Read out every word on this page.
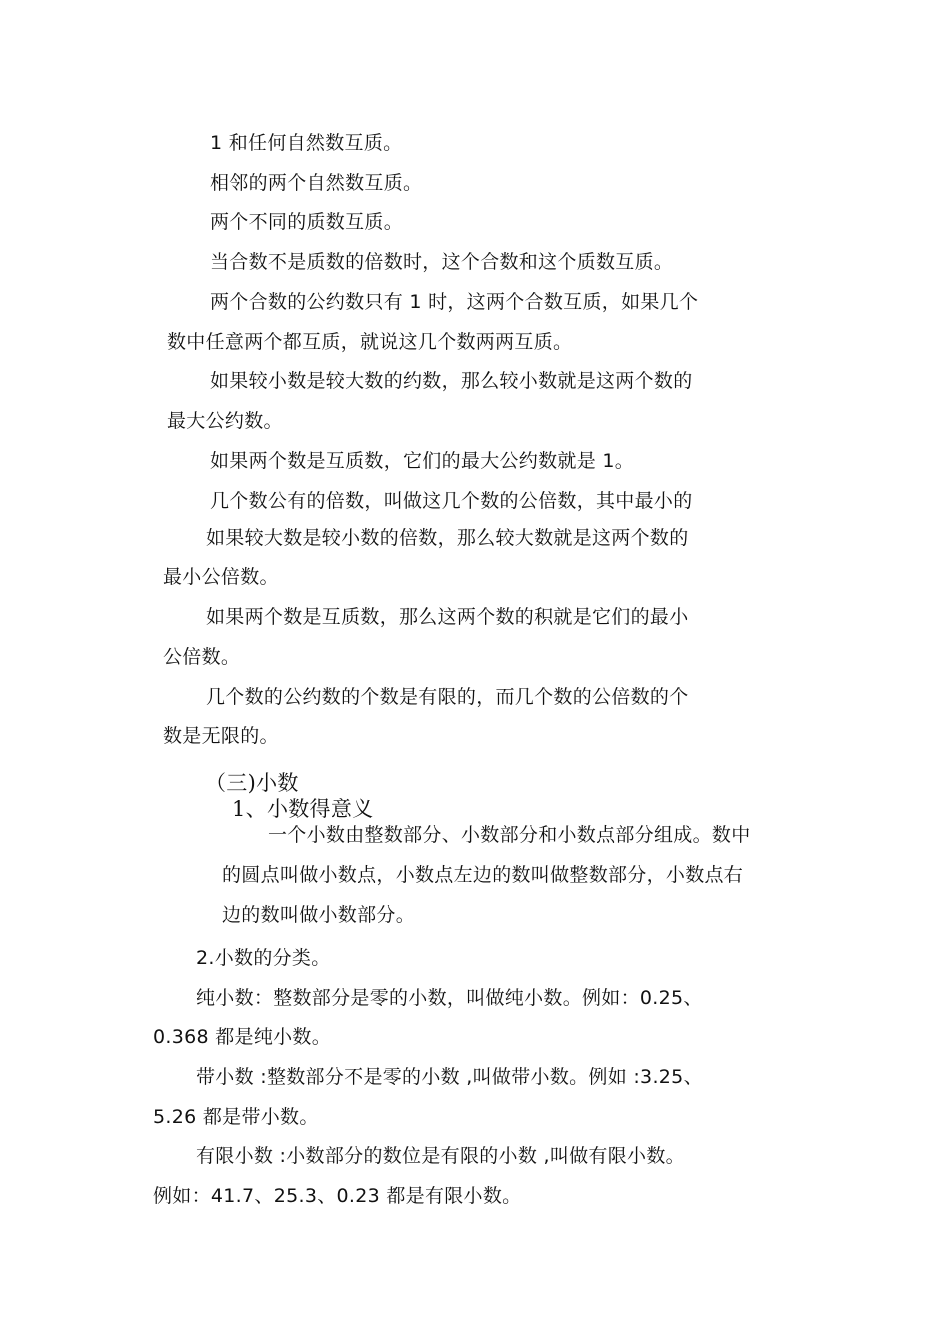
1 和任何自然数互质。
相邻的两个自然数互质。
两个不同的质数互质。
当合数不是质数的倍数时，这个合数和这个质数互质。
两个合数的公约数只有 1 时，这两个合数互质，如果几个
数中任意两个都互质，就说这几个数两两互质。
如果较小数是较大数的约数，那么较小数就是这两个数的
最大公约数。
如果两个数是互质数，它们的最大公约数就是 1。
几个数公有的倍数，叫做这几个数的公倍数，其中最小的
如果较大数是较小数的倍数，那么较大数就是这两个数的
最小公倍数。
如果两个数是互质数，那么这两个数的积就是它们的最小
公倍数。
几个数的公约数的个数是有限的，而几个数的公倍数的个
数是无限的。
（三)小数
1、小数得意义
一个小数由整数部分、小数部分和小数点部分组成。数中
的圆点叫做小数点，小数点左边的数叫做整数部分，小数点右
边的数叫做小数部分。
2.小数的分类。
纯小数：整数部分是零的小数，叫做纯小数。例如：0.25、
0.368 都是纯小数。
带小数 :整数部分不是零的小数 ,叫做带小数。例如 :3.25、
5.26 都是带小数。
有限小数 :小数部分的数位是有限的小数 ,叫做有限小数。
例如：41.7、25.3、0.23 都是有限小数。
